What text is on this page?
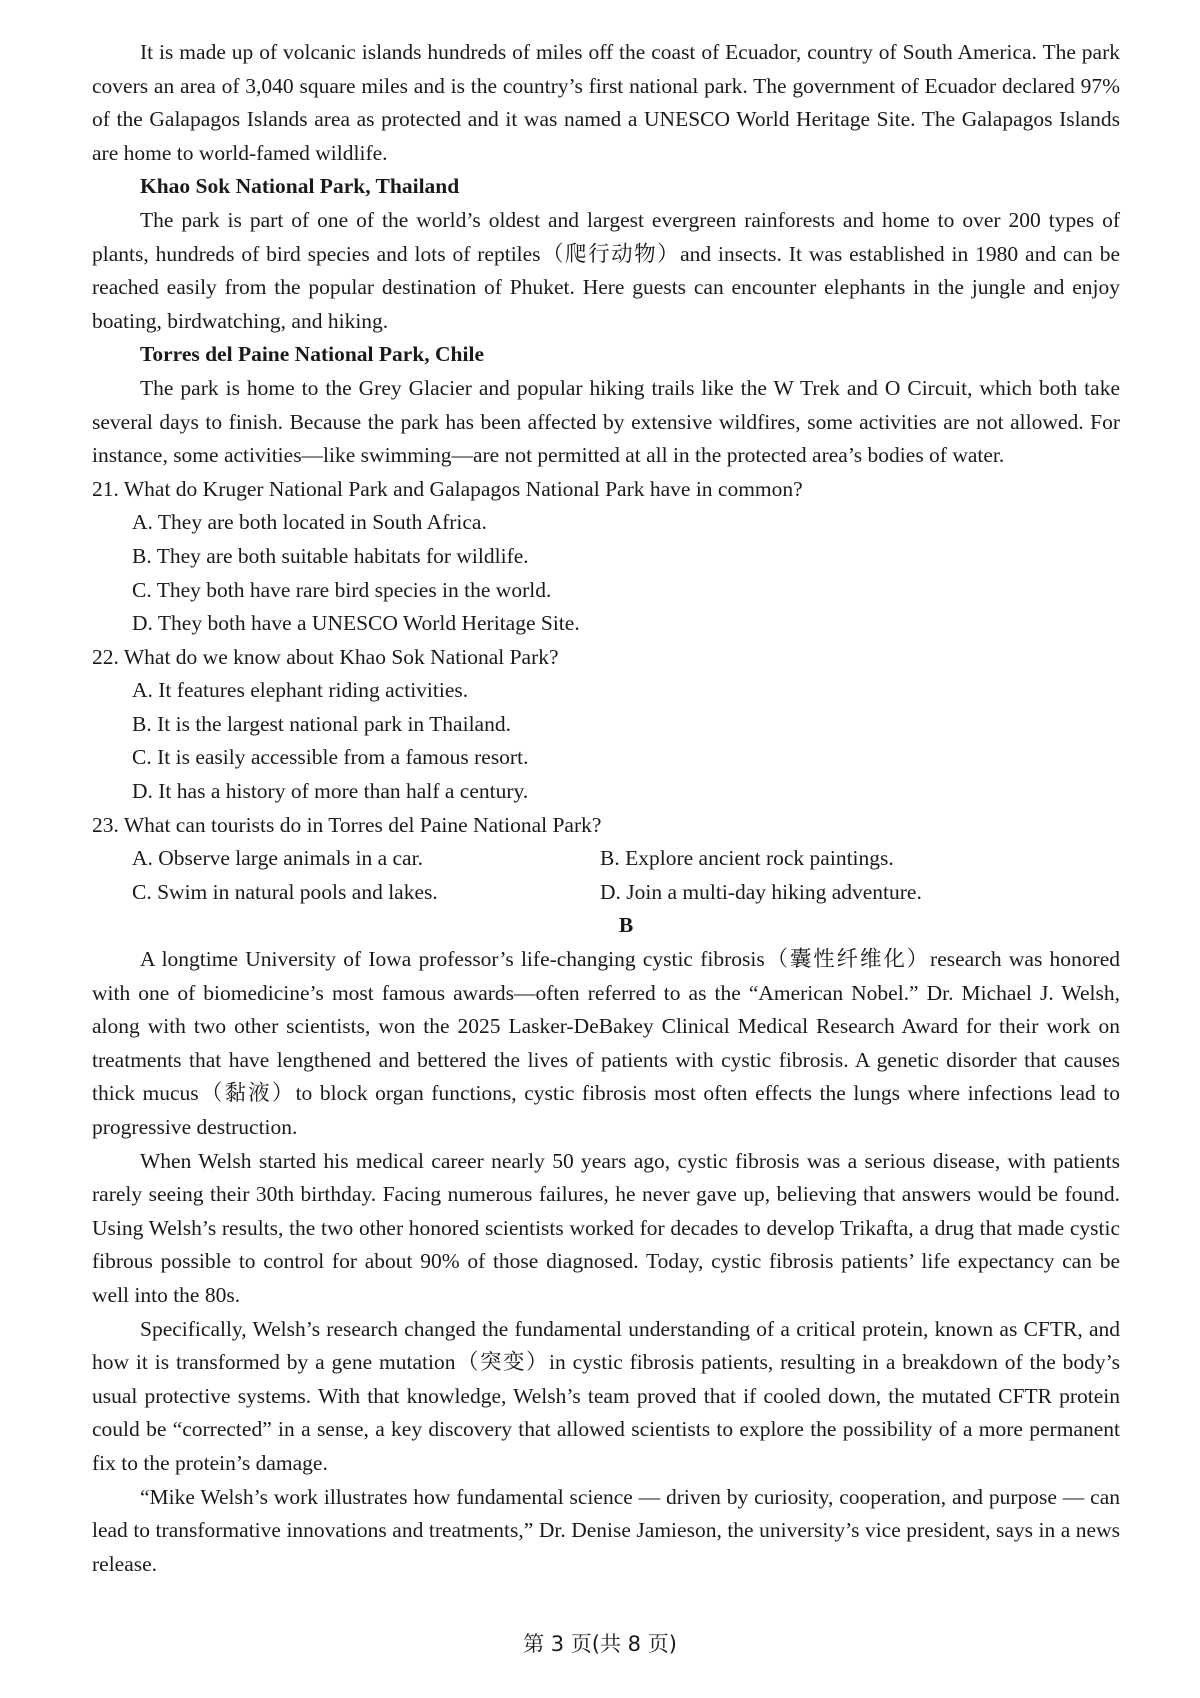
It is made up of volcanic islands hundreds of miles off the coast of Ecuador, country of South America. The park covers an area of 3,040 square miles and is the country’s first national park. The government of Ecuador declared 97% of the Galapagos Islands area as protected and it was named a UNESCO World Heritage Site. The Galapagos Islands are home to world-famed wildlife.

Khao Sok National Park, Thailand

The park is part of one of the world’s oldest and largest evergreen rainforests and home to over 200 types of plants, hundreds of bird species and lots of reptiles（爬行动物）and insects. It was established in 1980 and can be reached easily from the popular destination of Phuket. Here guests can encounter elephants in the jungle and enjoy boating, birdwatching, and hiking.

Torres del Paine National Park, Chile

The park is home to the Grey Glacier and popular hiking trails like the W Trek and O Circuit, which both take several days to finish. Because the park has been affected by extensive wildfires, some activities are not allowed. For instance, some activities—like swimming—are not permitted at all in the protected area’s bodies of water.

21. What do Kruger National Park and Galapagos National Park have in common?

A. They are both located in South Africa.

B. They are both suitable habitats for wildlife.

C. They both have rare bird species in the world.

D. They both have a UNESCO World Heritage Site.

22. What do we know about Khao Sok National Park?

A. It features elephant riding activities.

B. It is the largest national park in Thailand.

C. It is easily accessible from a famous resort.

D. It has a history of more than half a century.

23. What can tourists do in Torres del Paine National Park?

A. Observe large animals in a car.	B. Explore ancient rock paintings.

C. Swim in natural pools and lakes.	D. Join a multi-day hiking adventure.

B

A longtime University of Iowa professor’s life-changing cystic fibrosis（囊性纤维化）research was honored with one of biomedicine’s most famous awards—often referred to as the “American Nobel.” Dr. Michael J. Welsh, along with two other scientists, won the 2025 Lasker-DeBakey Clinical Medical Research Award for their work on treatments that have lengthened and bettered the lives of patients with cystic fibrosis. A genetic disorder that causes thick mucus（黏液）to block organ functions, cystic fibrosis most often effects the lungs where infections lead to progressive destruction.

When Welsh started his medical career nearly 50 years ago, cystic fibrosis was a serious disease, with patients rarely seeing their 30th birthday. Facing numerous failures, he never gave up, believing that answers would be found. Using Welsh’s results, the two other honored scientists worked for decades to develop Trikafta, a drug that made cystic fibrous possible to control for about 90% of those diagnosed. Today, cystic fibrosis patients’ life expectancy can be well into the 80s.

Specifically, Welsh’s research changed the fundamental understanding of a critical protein, known as CFTR, and how it is transformed by a gene mutation（突变）in cystic fibrosis patients, resulting in a breakdown of the body’s usual protective systems. With that knowledge, Welsh’s team proved that if cooled down, the mutated CFTR protein could be “corrected” in a sense, a key discovery that allowed scientists to explore the possibility of a more permanent fix to the protein’s damage.

“Mike Welsh’s work illustrates how fundamental science — driven by curiosity, cooperation, and purpose — can lead to transformative innovations and treatments,” Dr. Denise Jamieson, the university’s vice president, says in a news release.

第 3 页(共 8 页)
